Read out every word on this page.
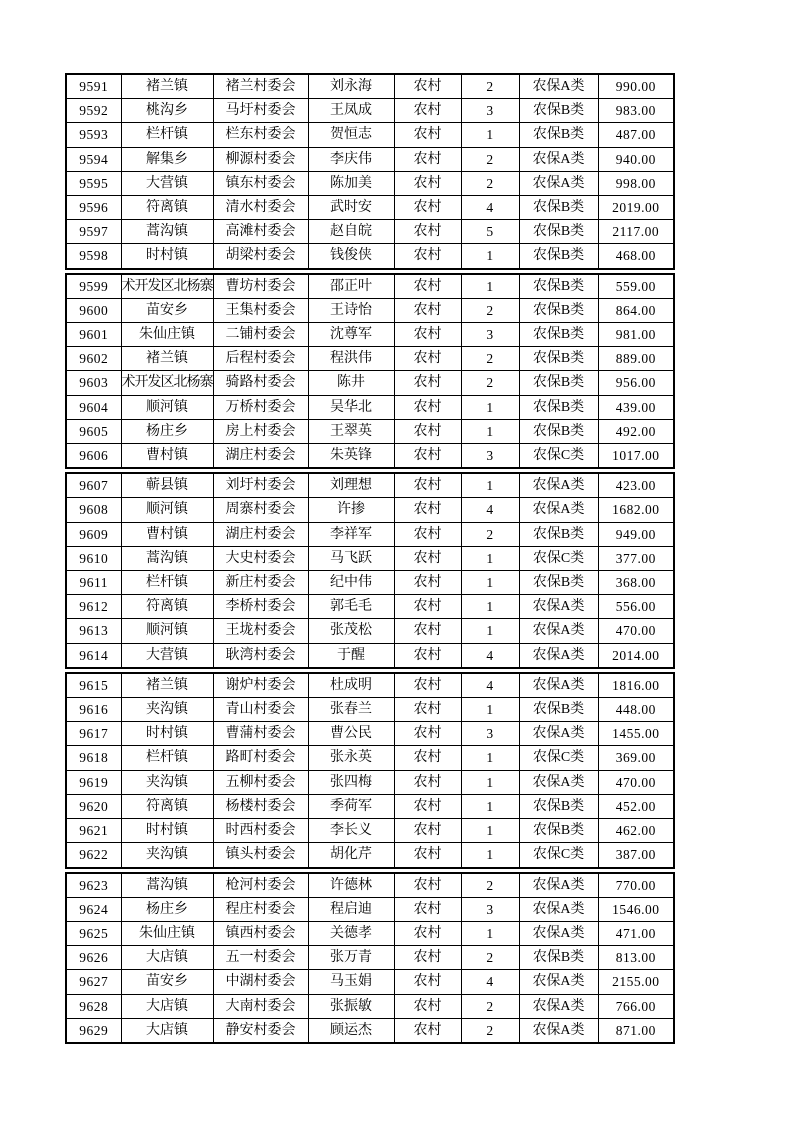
9591	褚兰镇	褚兰村委会	刘永海	农村	2	农保A类	990.00
9592	桃沟乡	马圩村委会	王凤成	农村	3	农保B类	983.00
9593	栏杆镇	栏东村委会	贺恒志	农村	1	农保B类	487.00
9594	解集乡	柳源村委会	李庆伟	农村	2	农保A类	940.00
9595	大营镇	镇东村委会	陈加美	农村	2	农保A类	998.00
9596	符离镇	清水村委会	武时安	农村	4	农保B类	2019.00
9597	蒿沟镇	高滩村委会	赵自皖	农村	5	农保B类	2117.00
9598	时村镇	胡梁村委会	钱俊侠	农村	1	农保B类	468.00
9599	术开发区北杨寨	曹坊村委会	邵正叶	农村	1	农保B类	559.00
9600	苗安乡	王集村委会	王诗怡	农村	2	农保B类	864.00
9601	朱仙庄镇	二铺村委会	沈尊军	农村	3	农保B类	981.00
9602	褚兰镇	后程村委会	程洪伟	农村	2	农保B类	889.00
9603	术开发区北杨寨	骑路村委会	陈井	农村	2	农保B类	956.00
9604	顺河镇	万桥村委会	吴华北	农村	1	农保B类	439.00
9605	杨庄乡	房上村委会	王翠英	农村	1	农保B类	492.00
9606	曹村镇	湖庄村委会	朱英锋	农村	3	农保C类	1017.00
9607	蕲县镇	刘圩村委会	刘理想	农村	1	农保A类	423.00
9608	顺河镇	周寨村委会	许掺	农村	4	农保A类	1682.00
9609	曹村镇	湖庄村委会	李祥军	农村	2	农保B类	949.00
9610	蒿沟镇	大史村委会	马飞跃	农村	1	农保C类	377.00
9611	栏杆镇	新庄村委会	纪中伟	农村	1	农保B类	368.00
9612	符离镇	李桥村委会	郭毛毛	农村	1	农保A类	556.00
9613	顺河镇	王垅村委会	张茂松	农村	1	农保A类	470.00
9614	大营镇	耿湾村委会	于醒	农村	4	农保A类	2014.00
9615	褚兰镇	谢炉村委会	杜成明	农村	4	农保A类	1816.00
9616	夹沟镇	青山村委会	张春兰	农村	1	农保B类	448.00
9617	时村镇	曹蒲村委会	曹公民	农村	3	农保A类	1455.00
9618	栏杆镇	路町村委会	张永英	农村	1	农保C类	369.00
9619	夹沟镇	五柳村委会	张四梅	农村	1	农保A类	470.00
9620	符离镇	杨楼村委会	季荷军	农村	1	农保B类	452.00
9621	时村镇	时西村委会	李长义	农村	1	农保B类	462.00
9622	夹沟镇	镇头村委会	胡化芹	农村	1	农保C类	387.00
9623	蒿沟镇	枪河村委会	许德林	农村	2	农保A类	770.00
9624	杨庄乡	程庄村委会	程启迪	农村	3	农保A类	1546.00
9625	朱仙庄镇	镇西村委会	关德孝	农村	1	农保A类	471.00
9626	大店镇	五一村委会	张万青	农村	2	农保B类	813.00
9627	苗安乡	中湖村委会	马玉娟	农村	4	农保A类	2155.00
9628	大店镇	大南村委会	张振敏	农村	2	农保A类	766.00
9629	大店镇	静安村委会	顾运杰	农村	2	农保A类	871.00
